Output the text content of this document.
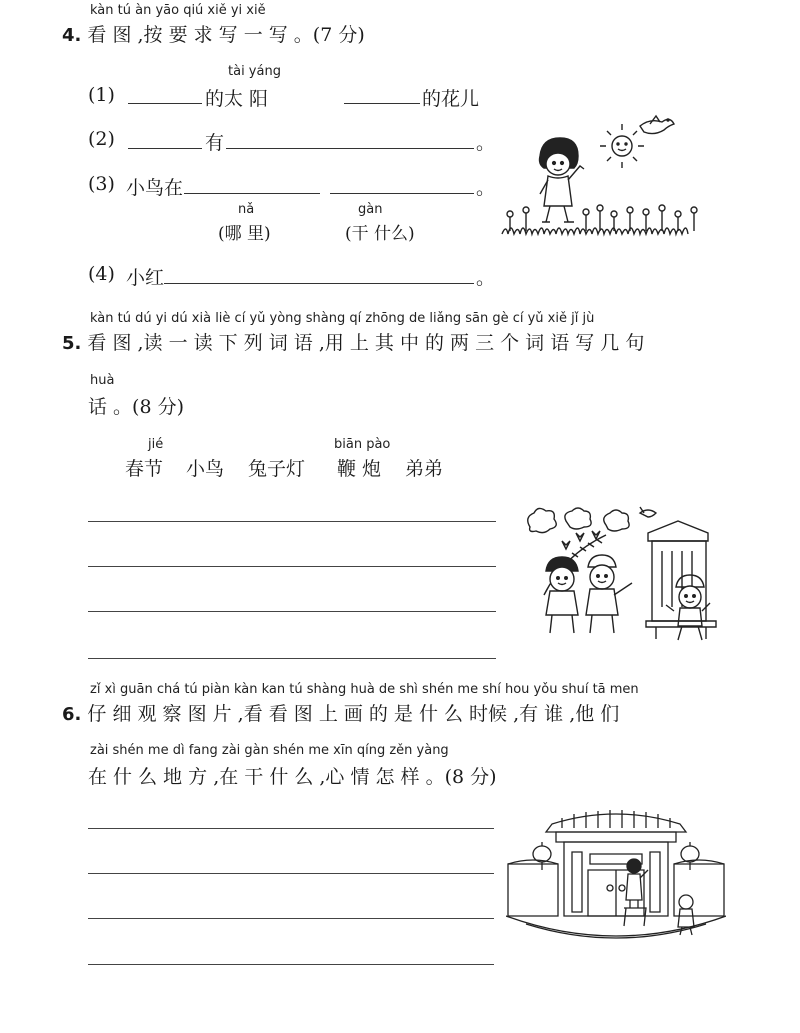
kàn tú àn yāo qiú xiě yi xiě
4. 看 图 ,按 要 求 写 一 写 。(7 分)
tài yáng
(1)	的太 阳	的花儿
(2)	有	。
(3) 小鸟在	。
nǎ
(哪 里)
gàn
(干 什么)
(4) 小红	。
kàn tú dú yi dú xià liè cí yǔ yòng shàng qí zhōng de liǎng sān gè cí yǔ xiě jǐ jù
5. 看 图 ,读 一 读 下 列 词 语 ,用 上 其 中 的 两 三 个 词 语 写 几 句
huà
话 。(8 分)
jié	biān pào
春节 小鸟 兔子灯 鞭 炮 弟弟
zǐ xì guān chá tú piàn kàn kan tú shàng huà de shì shén me shí hou yǒu shuí tā men
6. 仔 细 观 察 图 片 ,看 看 图 上 画 的 是 什 么 时候 ,有 谁 ,他 们
zài shén me dì fang zài gàn shén me xīn qíng zěn yàng
在 什 么 地 方 ,在 干 什 么 ,心 情 怎 样 。(8 分)
